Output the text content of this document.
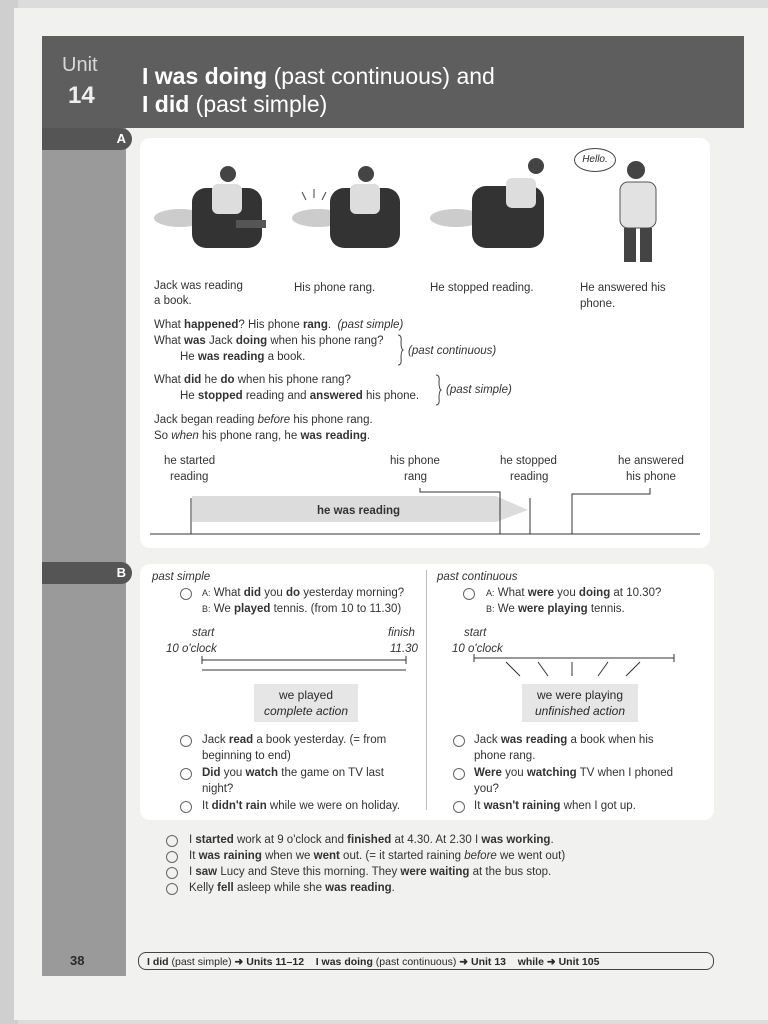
Unit
14
I was doing (past continuous) and
I did (past simple)
A
Hello.
Jack was reading
a book.
His phone rang.	He stopped reading.	He answered his
phone.
What happened? His phone rang. (past simple)
What was Jack doing when his phone rang?
He was reading a book.	(past continuous)
What did he do when his phone rang?
He stopped reading and answered his phone. (past simple)
Jack began reading before his phone rang.
So when his phone rang, he was reading.
he started
reading
his phone
rang
he stopped
reading
he answered
his phone
he was reading
B	past simple
A: What did you do yesterday morning?
B: We played tennis. (from 10 to 11.30)
start
10 o'clock
finish
11.30
we played
complete action
Jack read a book yesterday. (= from
beginning to end)
Did you watch the game on TV last
night?
It didn't rain while we were on holiday.
past continuous
A: What were you doing at 10.30?
B: We were playing tennis.
start
10 o'clock
we were playing
unfinished action
Jack was reading a book when his
phone rang.
Were you watching TV when I phoned
you?
It wasn't raining when I got up.
I started work at 9 o'clock and finished at 4.30. At 2.30 I was working.
It was raining when we went out. (= it started raining before we went out)
I saw Lucy and Steve this morning. They were waiting at the bus stop.
Kelly fell asleep while she was reading.
38	I did (past simple) ➜ Units 11–12 I was doing (past continuous) ➜ Unit 13 while ➜ Unit 105
